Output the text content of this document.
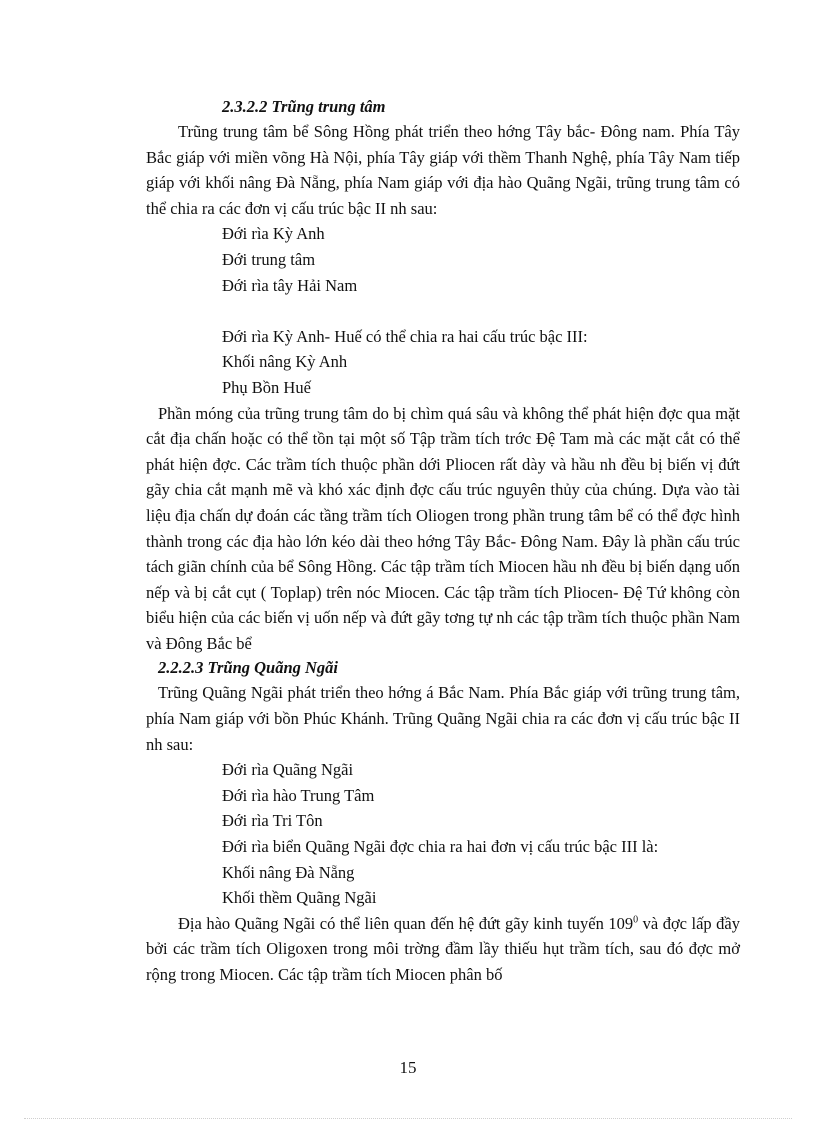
2.3.2.2 Trũng trung tâm
Trũng trung tâm bể Sông Hồng phát triển theo hớng Tây bắc- Đông nam. Phía Tây Bắc giáp với miền võng Hà Nội, phía Tây giáp với thềm Thanh Nghệ, phía Tây Nam tiếp giáp với khối nâng Đà Nẵng, phía Nam giáp với địa hào Quãng Ngãi, trũng trung tâm có thể chia ra các đơn vị cấu trúc bậc II nh sau:
Đới rìa Kỳ Anh
Đới trung tâm
Đới rìa tây Hải Nam
Đới rìa Kỳ Anh- Huế có thể chia ra hai cấu trúc bậc III:
Khối nâng Kỳ Anh
Phụ Bồn Huế
Phần móng của trũng trung tâm do bị chìm quá sâu và không thể phát hiện đợc qua mặt cắt địa chấn hoặc có thể tồn tại một số Tập trầm tích trớc Đệ Tam mà các mặt cắt có thể phát hiện đợc. Các trầm tích thuộc phần dới Pliocen rất dày và hầu nh đều bị biến vị đứt gãy chia cắt mạnh mẽ và khó xác định đợc cấu trúc nguyên thủy của chúng. Dựa vào tài liệu địa chấn dự đoán các tầng trầm tích Oliogen trong phần trung tâm bể có thể đợc hình thành trong các địa hào lớn kéo dài theo hớng Tây Bắc- Đông Nam. Đây là phần cấu trúc tách giãn chính của bể Sông Hồng. Các tập trầm tích Miocen hầu nh đều bị biến dạng uốn nếp và bị cắt cụt ( Toplap) trên nóc Miocen. Các tập trầm tích Pliocen- Đệ Tứ không còn biểu hiện của các biến vị uốn nếp và đứt gãy tơng tự nh các tập trầm tích thuộc phần Nam và Đông Bắc bể
2.2.2.3 Trũng Quãng Ngãi
Trũng Quãng Ngãi phát triển theo hớng á Bắc Nam. Phía Bắc giáp với trũng trung tâm, phía Nam giáp với bồn Phúc Khánh. Trũng Quãng Ngãi chia ra các đơn vị cấu trúc bậc II nh sau:
Đới rìa Quãng Ngãi
Đới rìa hào Trung Tâm
Đới rìa Tri Tôn
Đới rìa biển Quãng Ngãi đợc chia ra hai đơn vị cấu trúc bậc III là:
Khối nâng Đà Nẵng
Khối thềm Quãng Ngãi
Địa hào Quãng Ngãi có thể liên quan đến hệ đứt gãy kinh tuyến $109^0$ và đợc lấp đầy bởi các trầm tích Oligoxen trong môi trờng đầm lầy thiếu hụt trầm tích, sau đó đợc mở rộng trong Miocen. Các tập trầm tích Miocen phân bố
15
